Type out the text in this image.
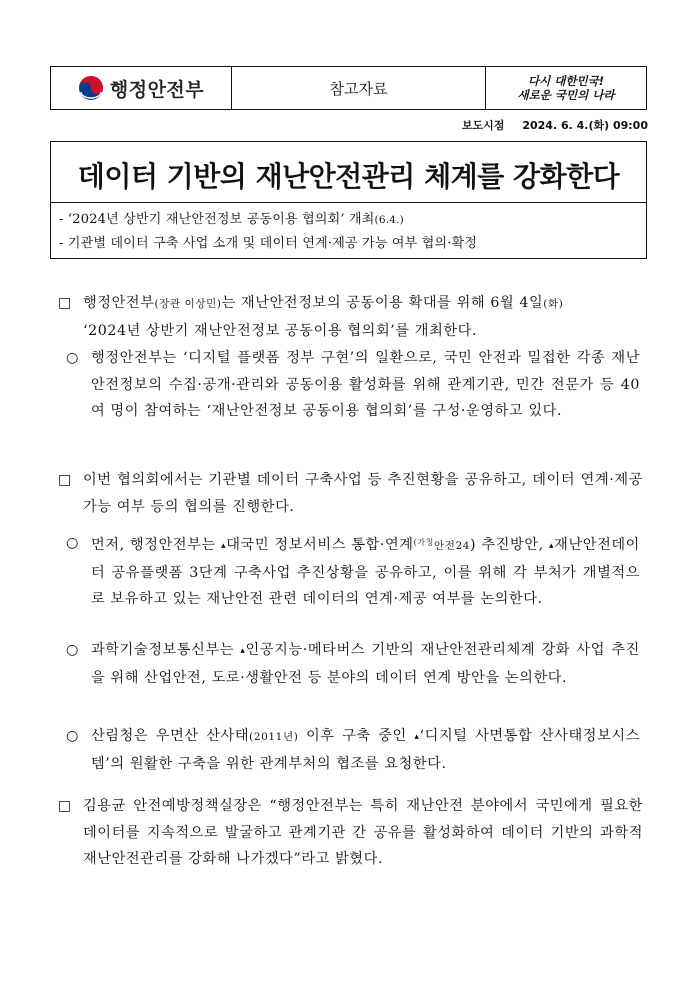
행정안전부	참고자료	다시 대한민국!
새로운 국민의 나라
보도시점 2024. 6. 4.(화) 09:00
데이터 기반의 재난안전관리 체계를 강화한다
- ‘2024년 상반기 재난안전정보 공동이용 협의회’ 개최(6.4.)
- 기관별 데이터 구축 사업 소개 및 데이터 연계·제공 가능 여부 협의·확정
□ 행정안전부(장관 이상민)는 재난안전정보의 공동이용 확대를 위해 6월 4일(화)
‘2024년 상반기 재난안전정보 공동이용 협의회’를 개최한다.
○ 행정안전부는 ‘디지털 플랫폼 정부 구현’의 일환으로, 국민 안전과 밀접한 각종 재난안전정보의 수집·공개·관리와 공동이용 활성화를 위해 관계기관, 민간 전문가 등 40여 명이 참여하는 ‘재난안전정보 공동이용 협의회’를 구성·운영하고 있다.
□ 이번 협의회에서는 기관별 데이터 구축사업 등 추진현황을 공유하고, 데이터 연계·제공 가능 여부 등의 협의를 진행한다.
○ 먼저, 행정안전부는 ▴대국민 정보서비스 통합·연계$^{(가칭}$안전24) 추진방안, ▴재난안전데이터 공유플랫폼 3단계 구축사업 추진상황을 공유하고, 이를 위해 각 부처가 개별적으로 보유하고 있는 재난안전 관련 데이터의 연계·제공 여부를 논의한다.
○ 과학기술정보통신부는 ▴인공지능·메타버스 기반의 재난안전관리체계 강화 사업 추진을 위해 산업안전, 도로·생활안전 등 분야의 데이터 연계 방안을 논의한다.
○ 산림청은 우면산 산사태(2011년) 이후 구축 중인 ▴‘디지털 사면통합 산사태정보시스템’의 원활한 구축을 위한 관계부처의 협조를 요청한다.
□ 김용균 안전예방정책실장은 “행정안전부는 특히 재난안전 분야에서 국민에게 필요한 데이터를 지속적으로 발굴하고 관계기관 간 공유를 활성화하여 데이터 기반의 과학적 재난안전관리를 강화해 나가겠다”라고 밝혔다.
